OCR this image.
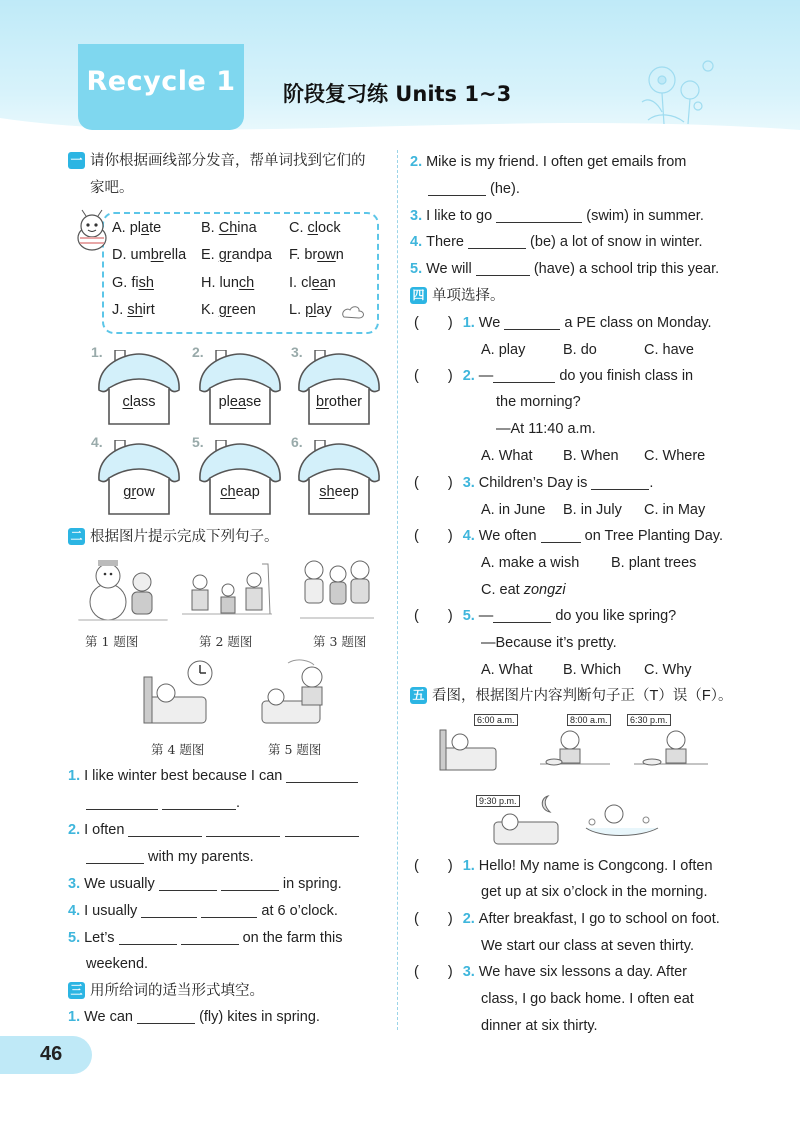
Recycle 1	阶段复习练 Units 1~3
一 请你根据画线部分发音，帮单词找到它们的
家吧。
A. plate	B. China C. clock
D. umbrella E. grandpa F. brown
G. fish	H. lunch I. clean
J. shirt	K. green L. play
1.
class
2.
please
3.
brother
4.
grow
5.
cheap
6.
sheep
二 根据图片提示完成下列句子。
第 1 题图	第 2 题图	第 3 题图
第 4 题图	第 5 题图
1. I like winter best because I can
.
2. I often
with my parents.
3. We usually	in spring.
4. I usually	at 6 o’clock.
5. Let’s	on the farm this
weekend.
三 用所给词的适当形式填空。
1. We can	(fly) kites in spring.
2. Mike is my friend. I often get emails from
(he).
3. I like to go	(swim) in summer.
4. There	(be) a lot of snow in winter.
5. We will	(have) a school trip this year.
四 单项选择。
(　　) 1. We	a PE class on Monday.
A. play	B. do	C. have
(　　) 2. —	do you finish class in
the morning?
—At 11:40 a.m.
A. What B. When C. Where
(　　) 3. Children’s Day is	.
A. in June B. in July C. in May
(　　) 4. We often	on Tree Planting Day.
A. make a wish B. plant trees
C. eat zongzi
(　　) 5. —	do you like spring?
—Because it’s pretty.
A. What B. Which C. Why
五 看图，根据图片内容判断句子正（T）误（F）。
6:00 a.m.	8:00 a.m.	6:30 p.m.
9:30 p.m.
(　　) 1. Hello! My name is Congcong. I often
get up at six o’clock in the morning.
(　　) 2. After breakfast, I go to school on foot.
We start our class at seven thirty.
(　　) 3. We have six lessons a day. After
class, I go back home. I often eat
dinner at six thirty.
46
